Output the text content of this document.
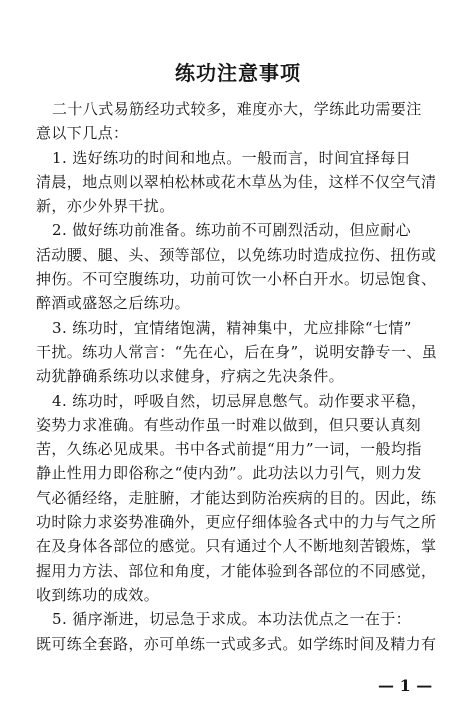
练功注意事项
二十八式易筋经功式较多，难度亦大，学练此功需要注
意以下几点：
1. 选好练功的时间和地点。一般而言，时间宜择每日
清晨，地点则以翠柏松林或花木草丛为佳，这样不仅空气清
新，亦少外界干扰。
2. 做好练功前准备。练功前不可剧烈活动，但应耐心
活动腰、腿、头、颈等部位，以免练功时造成拉伤、扭伤或
抻伤。不可空腹练功，功前可饮一小杯白开水。切忌饱食、
醉酒或盛怒之后练功。
3. 练功时，宜情绪饱满，精神集中，尤应排除“七情”
干扰。练功人常言：“先在心，后在身”，说明安静专一、虽
动犹静确系练功以求健身，疗病之先决条件。
4. 练功时，呼吸自然，切忌屏息憋气。动作要求平稳，
姿势力求准确。有些动作虽一时难以做到，但只要认真刻
苦，久练必见成果。书中各式前提“用力”一词，一般均指
静止性用力即俗称之“使内劲”。此功法以力引气，则力发
气必循经络，走脏腑，才能达到防治疾病的目的。因此，练
功时除力求姿势准确外，更应仔细体验各式中的力与气之所
在及身体各部位的感觉。只有通过个人不断地刻苦锻炼，掌
握用力方法、部位和角度，才能体验到各部位的不同感觉，
收到练功的成效。
5. 循序渐进，切忌急于求成。本功法优点之一在于：
既可练全套路，亦可单练一式或多式。如学练时间及精力有
— 1 —
